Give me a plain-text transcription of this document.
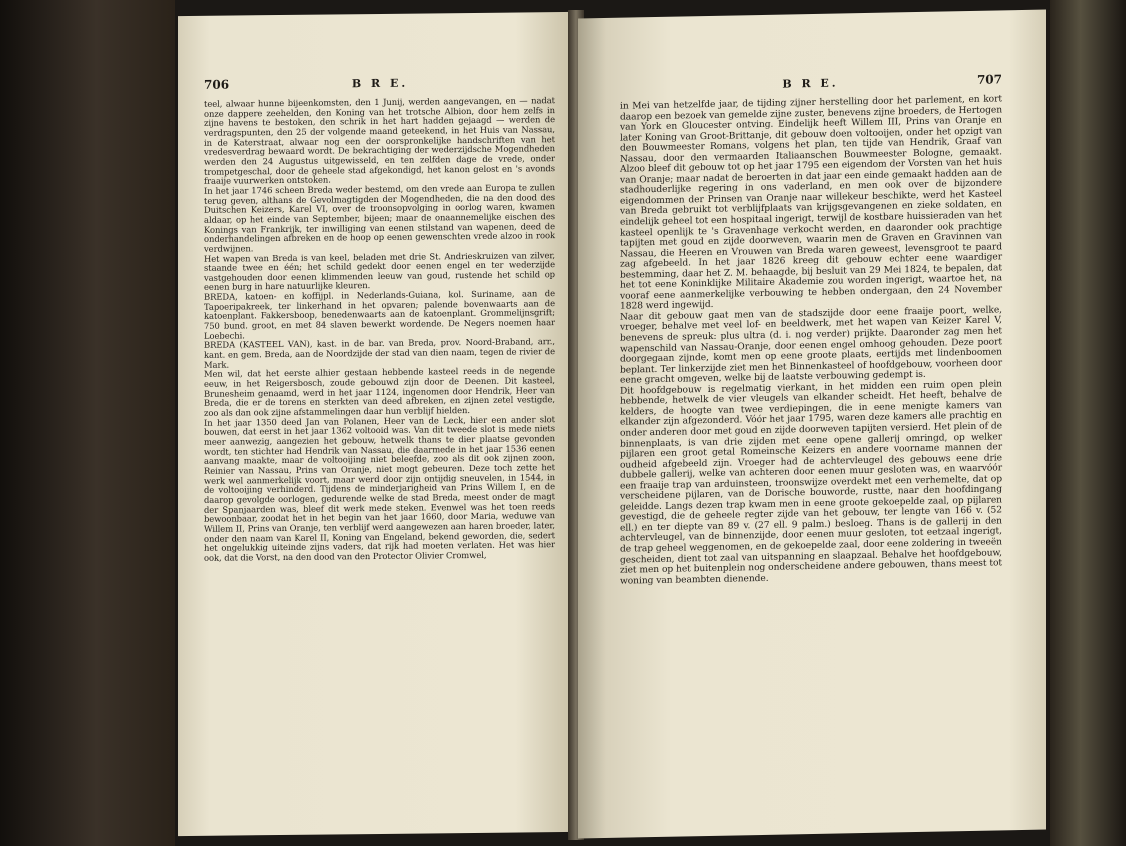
706	B R E.
teel, alwaar hunne bijeenkomsten, den 1 Junij, werden aangevangen, en — nadat onze dappere zeehelden, den Koning van het trotsche Albion, door hem zelfs in zijne havens te bestoken, den schrik in het hart hadden gejaagd — werden de verdragspunten, den 25 der volgende maand geteekend, in het Huis van Nassau, in de Katerstraat, alwaar nog een der oorspronkelijke handschriften van het vredesverdrag bewaard wordt. De bekrachtiging der wederzijdsche Mogendheden werden den 24 Augustus uitgewisseld, en ten zelfden dage de vrede, onder trompetgeschal, door de geheele stad afgekondigd, het kanon gelost en 's avonds fraaije vuurwerken ontstoken.
In het jaar 1746 scheen Breda weder bestemd, om den vrede aan Europa te zullen terug geven, althans de Gevolmagtigden der Mogendheden, die na den dood des Duitschen Keizers, Karel VI, over de troonsopvolging in oorlog waren, kwamen aldaar, op het einde van September, bijeen; maar de onaannemelijke eischen des Konings van Frankrijk, ter inwilliging van eenen stilstand van wapenen, deed de onderhandelingen afbreken en de hoop op eenen gewenschten vrede alzoo in rook verdwijnen.
Het wapen van Breda is van keel, beladen met drie St. Andrieskruizen van zilver, staande twee en één; het schild gedekt door eenen engel en ter wederzijde vastgehouden door eenen klimmenden leeuw van goud, rustende het schild op eenen burg in hare natuurlijke kleuren.
BREDA, katoen- en koffijpl. in Nederlands-Guiana, kol. Suriname, aan de Tapoeripakreek, ter linkerhand in het opvaren; palende bovenwaarts aan de katoenplant. Fakkersboop, benedenwaarts aan de katoenplant. Grommelijnsgrift; 750 bund. groot, en met 84 slaven bewerkt wordende. De Negers noemen haar Loebechi.
BREDA (KASTEEL VAN), kast. in de bar. van Breda, prov. Noord-Braband, arr., kant. en gem. Breda, aan de Noordzijde der stad van dien naam, tegen de rivier de Mark.
Men wil, dat het eerste alhier gestaan hebbende kasteel reeds in de negende eeuw, in het Reigersbosch, zoude gebouwd zijn door de Deenen. Dit kasteel, Brunesheim genaamd, werd in het jaar 1124, ingenomen door Hendrik, Heer van Breda, die er de torens en sterkten van deed afbreken, en zijnen zetel vestigde, zoo als dan ook zijne afstammelingen daar hun verblijf hielden.
In het jaar 1350 deed Jan van Polanen, Heer van de Leck, hier een ander slot bouwen, dat eerst in het jaar 1362 voltooid was. Van dit tweede slot is mede niets meer aanwezig, aangezien het gebouw, hetwelk thans te dier plaatse gevonden wordt, ten stichter had Hendrik van Nassau, die daarmede in het jaar 1536 eenen aanvang maakte, maar de voltooijing niet beleefde, zoo als dit ook zijnen zoon, Reinier van Nassau, Prins van Oranje, niet mogt gebeuren. Deze toch zette het werk wel aanmerkelijk voort, maar werd door zijn ontijdig sneuvelen, in 1544, in de voltooijing verhinderd. Tijdens de minderjarigheid van Prins Willem I, en de daarop gevolgde oorlogen, gedurende welke de stad Breda, meest onder de magt der Spanjaarden was, bleef dit werk mede steken. Evenwel was het toen reeds bewoonbaar, zoodat het in het begin van het jaar 1660, door Maria, weduwe van Willem II, Prins van Oranje, ten verblijf werd aangewezen aan haren broeder, later, onder den naam van Karel II, Koning van Engeland, bekend geworden, die, sedert het ongelukkig uiteinde zijns vaders, dat rijk had moeten verlaten. Het was hier ook, dat die Vorst, na den dood van den Protector Olivier Cromwel,
B R E.	707
in Mei van hetzelfde jaar, de tijding zijner herstelling door het parlement, en kort daarop een bezoek van gemelde zijne zuster, benevens zijne broeders, de Hertogen van York en Gloucester ontving. Eindelijk heeft Willem III, Prins van Oranje en later Koning van Groot-Brittanje, dit gebouw doen voltooijen, onder het opzigt van den Bouwmeester Romans, volgens het plan, ten tijde van Hendrik, Graaf van Nassau, door den vermaarden Italiaanschen Bouwmeester Bologne, gemaakt. Alzoo bleef dit gebouw tot op het jaar 1795 een eigendom der Vorsten van het huis van Oranje; maar nadat de beroerten in dat jaar een einde gemaakt hadden aan de stadhouderlijke regering in ons vaderland, en men ook over de bijzondere eigendommen der Prinsen van Oranje naar willekeur beschikte, werd het Kasteel van Breda gebruikt tot verblijfplaats van krijgsgevangenen en zieke soldaten, en eindelijk geheel tot een hospitaal ingerigt, terwijl de kostbare huissieraden van het kasteel openlijk te 's Gravenhage verkocht werden, en daaronder ook prachtige tapijten met goud en zijde doorweven, waarin men de Graven en Gravinnen van Nassau, die Heeren en Vrouwen van Breda waren geweest, levensgroot te paard zag afgebeeld. In het jaar 1826 kreeg dit gebouw echter eene waardiger bestemming, daar het Z. M. behaagde, bij besluit van 29 Mei 1824, te bepalen, dat het tot eene Koninklijke Militaire Akademie zou worden ingerigt, waartoe het, na vooraf eene aanmerkelijke verbouwing te hebben ondergaan, den 24 November 1828 werd ingewijd.
Naar dit gebouw gaat men van de stadszijde door eene fraaije poort, welke, vroeger, behalve met veel lof- en beeldwerk, met het wapen van Keizer Karel V, benevens de spreuk: plus ultra (d. i. nog verder) prijkte. Daaronder zag men het wapenschild van Nassau-Oranje, door eenen engel omhoog gehouden. Deze poort doorgegaan zijnde, komt men op eene groote plaats, eertijds met lindenboomen beplant. Ter linkerzijde ziet men het Binnenkasteel of hoofdgebouw, voorheen door eene gracht omgeven, welke bij de laatste verbouwing gedempt is.
Dit hoofdgebouw is regelmatig vierkant, in het midden een ruim open plein hebbende, hetwelk de vier vleugels van elkander scheidt. Het heeft, behalve de kelders, de hoogte van twee verdiepingen, die in eene menigte kamers van elkander zijn afgezonderd. Vóór het jaar 1795, waren deze kamers alle prachtig en onder anderen door met goud en zijde doorweven tapijten versierd. Het plein of de binnenplaats, is van drie zijden met eene opene gallerij omringd, op welker pijlaren een groot getal Romeinsche Keizers en andere voorname mannen der oudheid afgebeeld zijn. Vroeger had de achtervleugel des gebouws eene drie dubbele gallerij, welke van achteren door eenen muur gesloten was, en waarvóór een fraaije trap van arduinsteen, troonswijze overdekt met een verhemelte, dat op verscheidene pijlaren, van de Dorische bouworde, rustte, naar den hoofdingang geleidde. Langs dezen trap kwam men in eene groote gekoepelde zaal, op pijlaren gevestigd, die de geheele regter zijde van het gebouw, ter lengte van 166 v. (52 ell.) en ter diepte van 89 v. (27 ell. 9 palm.) besloeg. Thans is de gallerij in den achtervleugel, van de binnenzijde, door eenen muur gesloten, tot eetzaal ingerigt, de trap geheel weggenomen, en de gekoepelde zaal, door eene zoldering in tweeën gescheiden, dient tot zaal van uitspanning en slaapzaal. Behalve het hoofdgebouw, ziet men op het buitenplein nog onderscheidene andere gebouwen, thans meest tot woning van beambten dienende.
